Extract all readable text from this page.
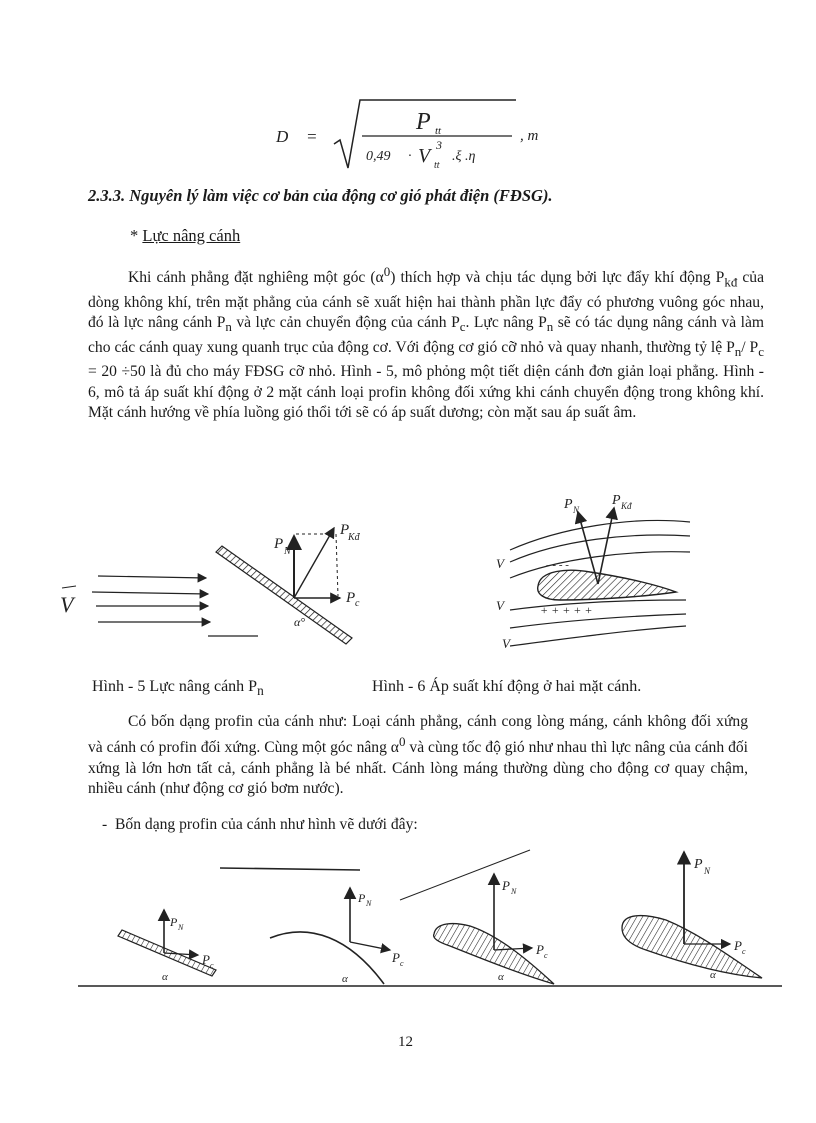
D =
P tt
0,49 · V 3
tt
.ξ .η
, m
2.3.3. Nguyên lý làm việc cơ bản của động cơ gió phát điện (FĐSG).
* Lực nâng cánh
Khi cánh phẳng đặt nghiêng một góc $(\alpha^0)$ thích hợp và chịu tác dụng bởi lực đẩy khí động $P_{kđ}$ của dòng không khí, trên mặt phẳng của cánh sẽ xuất hiện hai thành phần lực đẩy có phương vuông góc nhau, đó là lực nâng cánh $P_n$ và lực cản chuyển động của cánh $P_c$. Lực nâng $P_n$ sẽ có tác dụng nâng cánh và làm cho các cánh quay xung quanh trục của động cơ. Với động cơ gió cỡ nhỏ và quay nhanh, thường tỷ lệ $P_n/$ $P_c = 20 \div 50$ là đủ cho máy FĐSG cỡ nhỏ. Hình - 5, mô phỏng một tiết diện cánh đơn giản loại phẳng. Hình - 6, mô tả áp suất khí động ở 2 mặt cánh loại profin không đối xứng khi cánh chuyển động trong không khí. Mặt cánh hướng về phía luồng gió thổi tới sẽ có áp suất dương; còn mặt sau áp suất âm.
V
P N
P
Kđ
P c
α°
P N
P Kđ
V
V
V
- - - -
+ + + + +
Hình - 5 Lực nâng cánh $P_n$	Hình - 6 Áp suất khí động ở hai mặt cánh.
Có bốn dạng profin của cánh như: Loại cánh phẳng, cánh cong lòng máng, cánh không đối xứng và cánh có profin đối xứng. Cùng một góc nâng $\alpha^0$ và cùng tốc độ gió như nhau thì lực nâng của cánh đối xứng là lớn hơn tất cả, cánh phẳng là bé nhất. Cánh lòng máng thường dùng cho động cơ quay chậm, nhiều cánh (như động cơ gió bơm nước).
- Bốn dạng profin của cánh như hình vẽ dưới đây:
P N
P c
α
P N
P c
α
P N
P c
α
P N
P c
α
12
